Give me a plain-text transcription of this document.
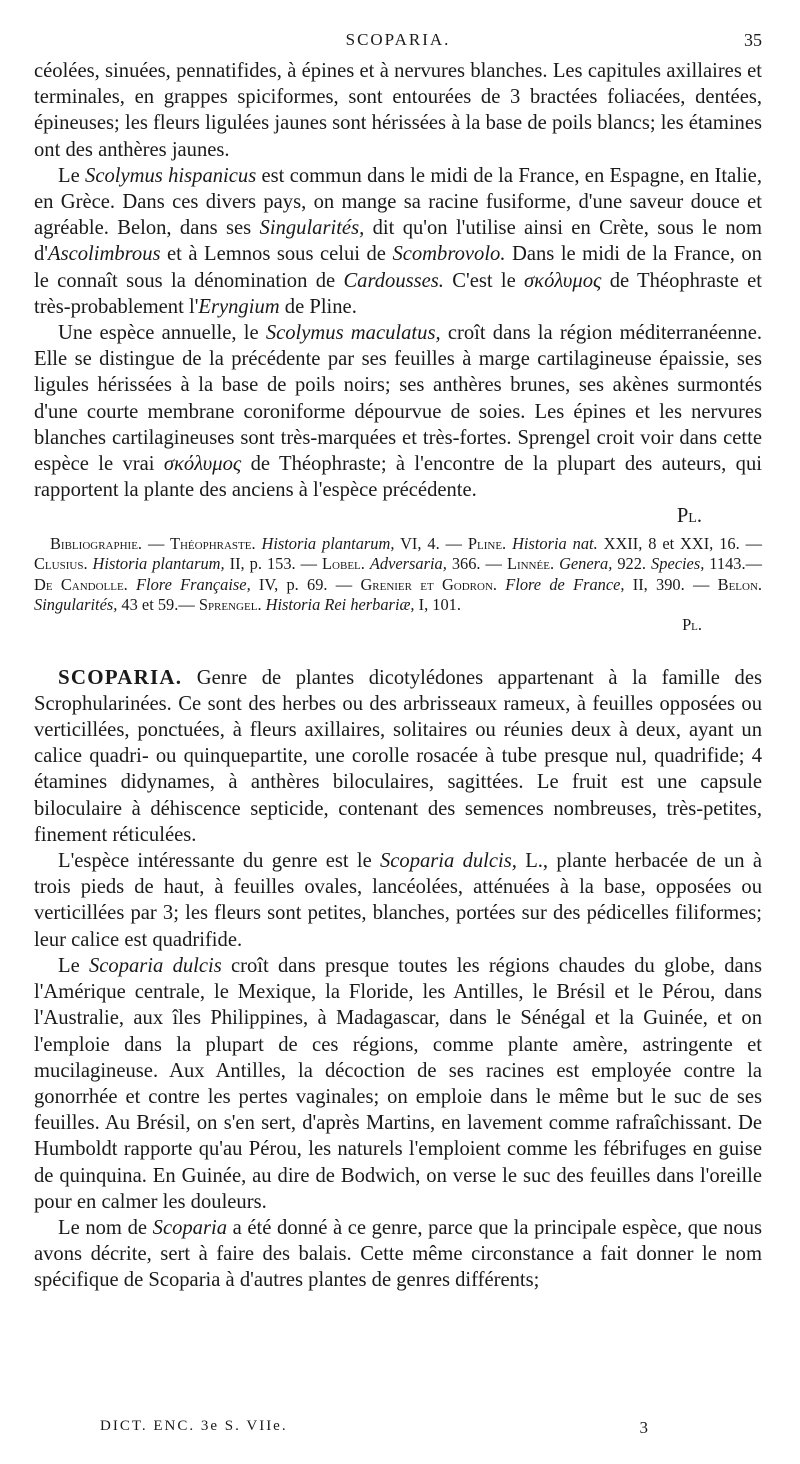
SCOPARIA.	35

céolées, sinuées, pennatifides, à épines et à nervures blanches. Les capitules axillaires et terminales, en grappes spiciformes, sont entourées de 3 bractées foliacées, dentées, épineuses; les fleurs ligulées jaunes sont hérissées à la base de poils blancs; les étamines ont des anthères jaunes.

Le Scolymus hispanicus est commun dans le midi de la France, en Espagne, en Italie, en Grèce. Dans ces divers pays, on mange sa racine fusiforme, d'une saveur douce et agréable. Belon, dans ses Singularités, dit qu'on l'utilise ainsi en Crète, sous le nom d'Ascolimbrous et à Lemnos sous celui de Scombrovolo. Dans le midi de la France, on le connaît sous la dénomination de Cardousses. C'est le σκόλυμος de Théophraste et très-probablement l'Eryngium de Pline.

Une espèce annuelle, le Scolymus maculatus, croît dans la région méditerranéenne. Elle se distingue de la précédente par ses feuilles à marge cartilagineuse épaissie, ses ligules hérissées à la base de poils noirs; ses anthères brunes, ses akènes surmontés d'une courte membrane coroniforme dépourvue de soies. Les épines et les nervures blanches cartilagineuses sont très-marquées et très-fortes. Sprengel croit voir dans cette espèce le vrai σκόλυμος de Théophraste; à l'encontre de la plupart des auteurs, qui rapportent la plante des anciens à l'espèce précédente.

Pl.

Bibliographie. — Théophraste. Historia plantarum, VI, 4. — Pline. Historia nat. XXII, 8 et XXI, 16. — Clusius. Historia plantarum, II, p. 153. — Lobel. Adversaria, 366. — Linnée. Genera, 922. Species, 1143.— De Candolle. Flore Française, IV, p. 69. — Grenier et Godron. Flore de France, II, 390. — Belon. Singularités, 43 et 59.— Sprengel. Historia Rei herbariæ, I, 101.

Pl.

SCOPARIA. Genre de plantes dicotylédones appartenant à la famille des Scrophularinées. Ce sont des herbes ou des arbrisseaux rameux, à feuilles opposées ou verticillées, ponctuées, à fleurs axillaires, solitaires ou réunies deux à deux, ayant un calice quadri- ou quinquepartite, une corolle rosacée à tube presque nul, quadrifide; 4 étamines didynames, à anthères biloculaires, sagittées. Le fruit est une capsule biloculaire à déhiscence septicide, contenant des semences nombreuses, très-petites, finement réticulées.

L'espèce intéressante du genre est le Scoparia dulcis, L., plante herbacée de un à trois pieds de haut, à feuilles ovales, lancéolées, atténuées à la base, opposées ou verticillées par 3; les fleurs sont petites, blanches, portées sur des pédicelles filiformes; leur calice est quadrifide.

Le Scoparia dulcis croît dans presque toutes les régions chaudes du globe, dans l'Amérique centrale, le Mexique, la Floride, les Antilles, le Brésil et le Pérou, dans l'Australie, aux îles Philippines, à Madagascar, dans le Sénégal et la Guinée, et on l'emploie dans la plupart de ces régions, comme plante amère, astringente et mucilagineuse. Aux Antilles, la décoction de ses racines est employée contre la gonorrhée et contre les pertes vaginales; on emploie dans le même but le suc de ses feuilles. Au Brésil, on s'en sert, d'après Martins, en lavement comme rafraîchissant. De Humboldt rapporte qu'au Pérou, les naturels l'emploient comme les fébrifuges en guise de quinquina. En Guinée, au dire de Bodwich, on verse le suc des feuilles dans l'oreille pour en calmer les douleurs.

Le nom de Scoparia a été donné à ce genre, parce que la principale espèce, que nous avons décrite, sert à faire des balais. Cette même circonstance a fait donner le nom spécifique de Scoparia à d'autres plantes de genres différents;

DICT. ENC. 3e S. VIIe.	3
